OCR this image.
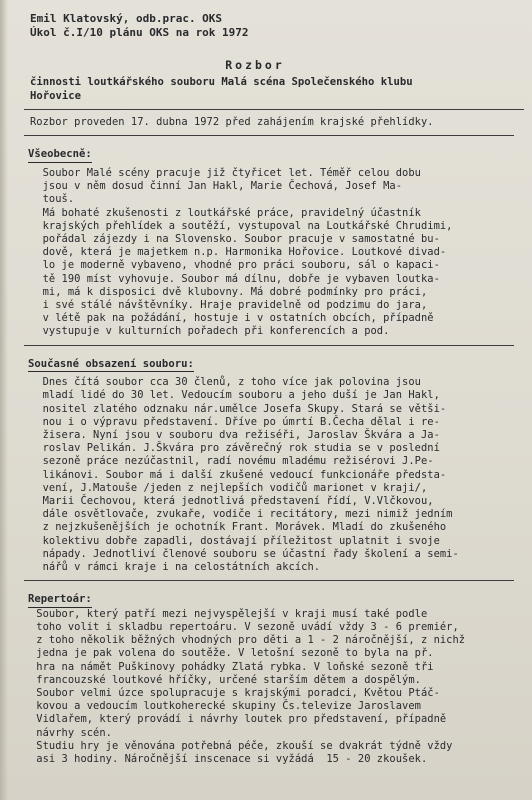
Emil Klatovský, odb.prac. OKS
Úkol č.I/10 plánu OKS na rok 1972
Rozbor
činnosti loutkářského souboru Malá scéna Společenského klubu
Hořovice
Rozbor proveden 17. dubna 1972 před zahájením krajské přehlídky.
Všeobecně:
Soubor Malé scény pracuje již čtyřicet let. Téměř celou dobu
jsou v něm dosud činní Jan Hakl, Marie Čechová, Josef Ma-
touš.
Má bohaté zkušenosti z loutkářské práce, pravidelný účastník
krajských přehlídek a soutěží, vystupoval na Loutkářské Chrudimi,
pořádal zájezdy i na Slovensko. Soubor pracuje v samostatné bu-
dově, která je majetkem n.p. Harmonika Hořovice. Loutkové divad-
lo je moderně vybaveno, vhodné pro práci souboru, sál o kapaci-
tě 190 míst vyhovuje. Soubor má dílnu, dobře je vybaven loutka-
mi, má k disposici dvě klubovny. Má dobré podmínky pro práci,
i své stálé návštěvníky. Hraje pravidelně od podzimu do jara,
v létě pak na požádání, hostuje i v ostatních obcích, případně
vystupuje v kulturních pořadech při konferencích a pod.
Současné obsazení souboru:
Dnes čítá soubor cca 30 členů, z toho více jak polovina jsou
mladí lidé do 30 let. Vedoucím souboru a jeho duší je Jan Hakl,
nositel zlatého odznaku nár.umělce Josefa Skupy. Stará se větši-
nou i o výpravu představení. Dříve po úmrtí B.Čecha dělal i re-
žisera. Nyní jsou v souboru dva režiséři, Jaroslav Škvára a Ja-
roslav Pelikán. J.Škvára pro závěrečný rok studia se v poslední
sezoně práce nezúčastnil, radí novému mladému režisérovi J.Pe-
likánovi. Soubor má i další zkušené vedoucí funkcionáře předsta-
vení, J.Matouše /jeden z nejlepších vodičů marionet v kraji/,
Marii Čechovou, která jednotlivá představení řídí, V.Vlčkovou,
dále osvětlovače, zvukaře, vodiče i recitátory, mezi nimiž jedním
z nejzkušenějších je ochotník Frant. Morávek. Mladí do zkušeného
kolektivu dobře zapadli, dostávají příležitost uplatnit i svoje
nápady. Jednotliví členové souboru se účastní řady školení a semi-
nářů v rámci kraje i na celostátních akcích.
Repertoár:
Soubor, který patří mezi nejvyspělejší v kraji musí také podle
toho volit i skladbu repertoáru. V sezoně uvádí vždy 3 - 6 premiér,
z toho několik běžných vhodných pro děti a 1 - 2 náročnější, z nichž
jedna je pak volena do soutěže. V letošní sezoně to byla na př.
hra na námět Puškinovy pohádky Zlatá rybka. V loňské sezoně tři
francouzské loutkové hříčky, určené starším dětem a dospělým.
Soubor velmi úzce spolupracuje s krajskými poradci, Květou Ptáč-
kovou a vedoucím loutkoherecké skupiny Čs.televize Jaroslavem
Vidlařem, který provádí i návrhy loutek pro představení, případně
návrhy scén.
Studiu hry je věnována potřebná péče, zkouší se dvakrát týdně vždy
asi 3 hodiny. Náročnější inscenace si vyžádá  15 - 20 zkoušek.
